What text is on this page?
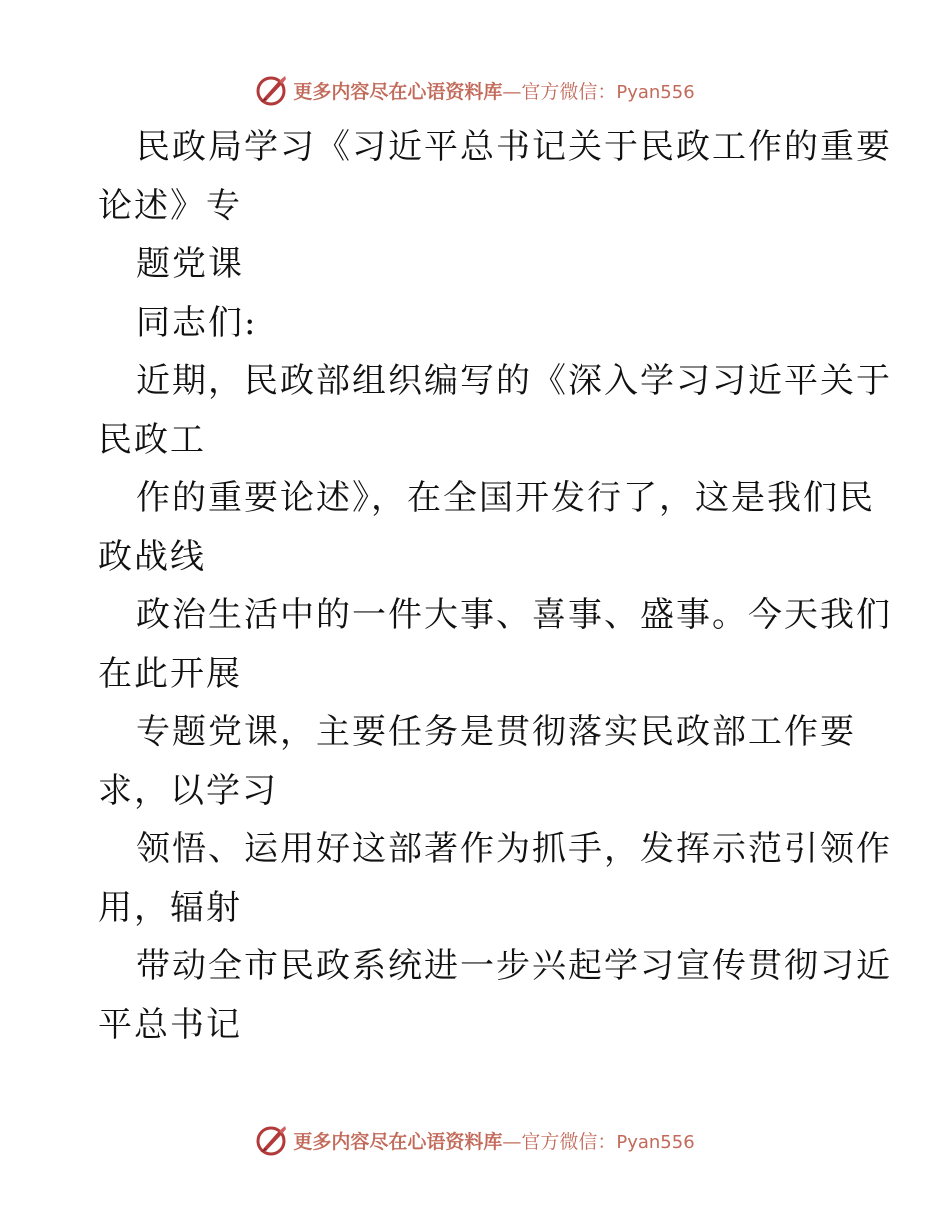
更多内容尽在心语资料库—官方微信：Pyan556
民政局学习《习近平总书记关于民政工作的重要
论述》专
题党课
同志们:
近期，民政部组织编写的《深入学习习近平关于
民政工
作的重要论述》，在全国开发行了，这是我们民
政战线
政治生活中的一件大事、喜事、盛事。今天我们
在此开展
专题党课，主要任务是贯彻落实民政部工作要
求，以学习
领悟、运用好这部著作为抓手，发挥示范引领作
用，辐射
带动全市民政系统进一步兴起学习宣传贯彻习近
平总书记
更多内容尽在心语资料库—官方微信：Pyan556
